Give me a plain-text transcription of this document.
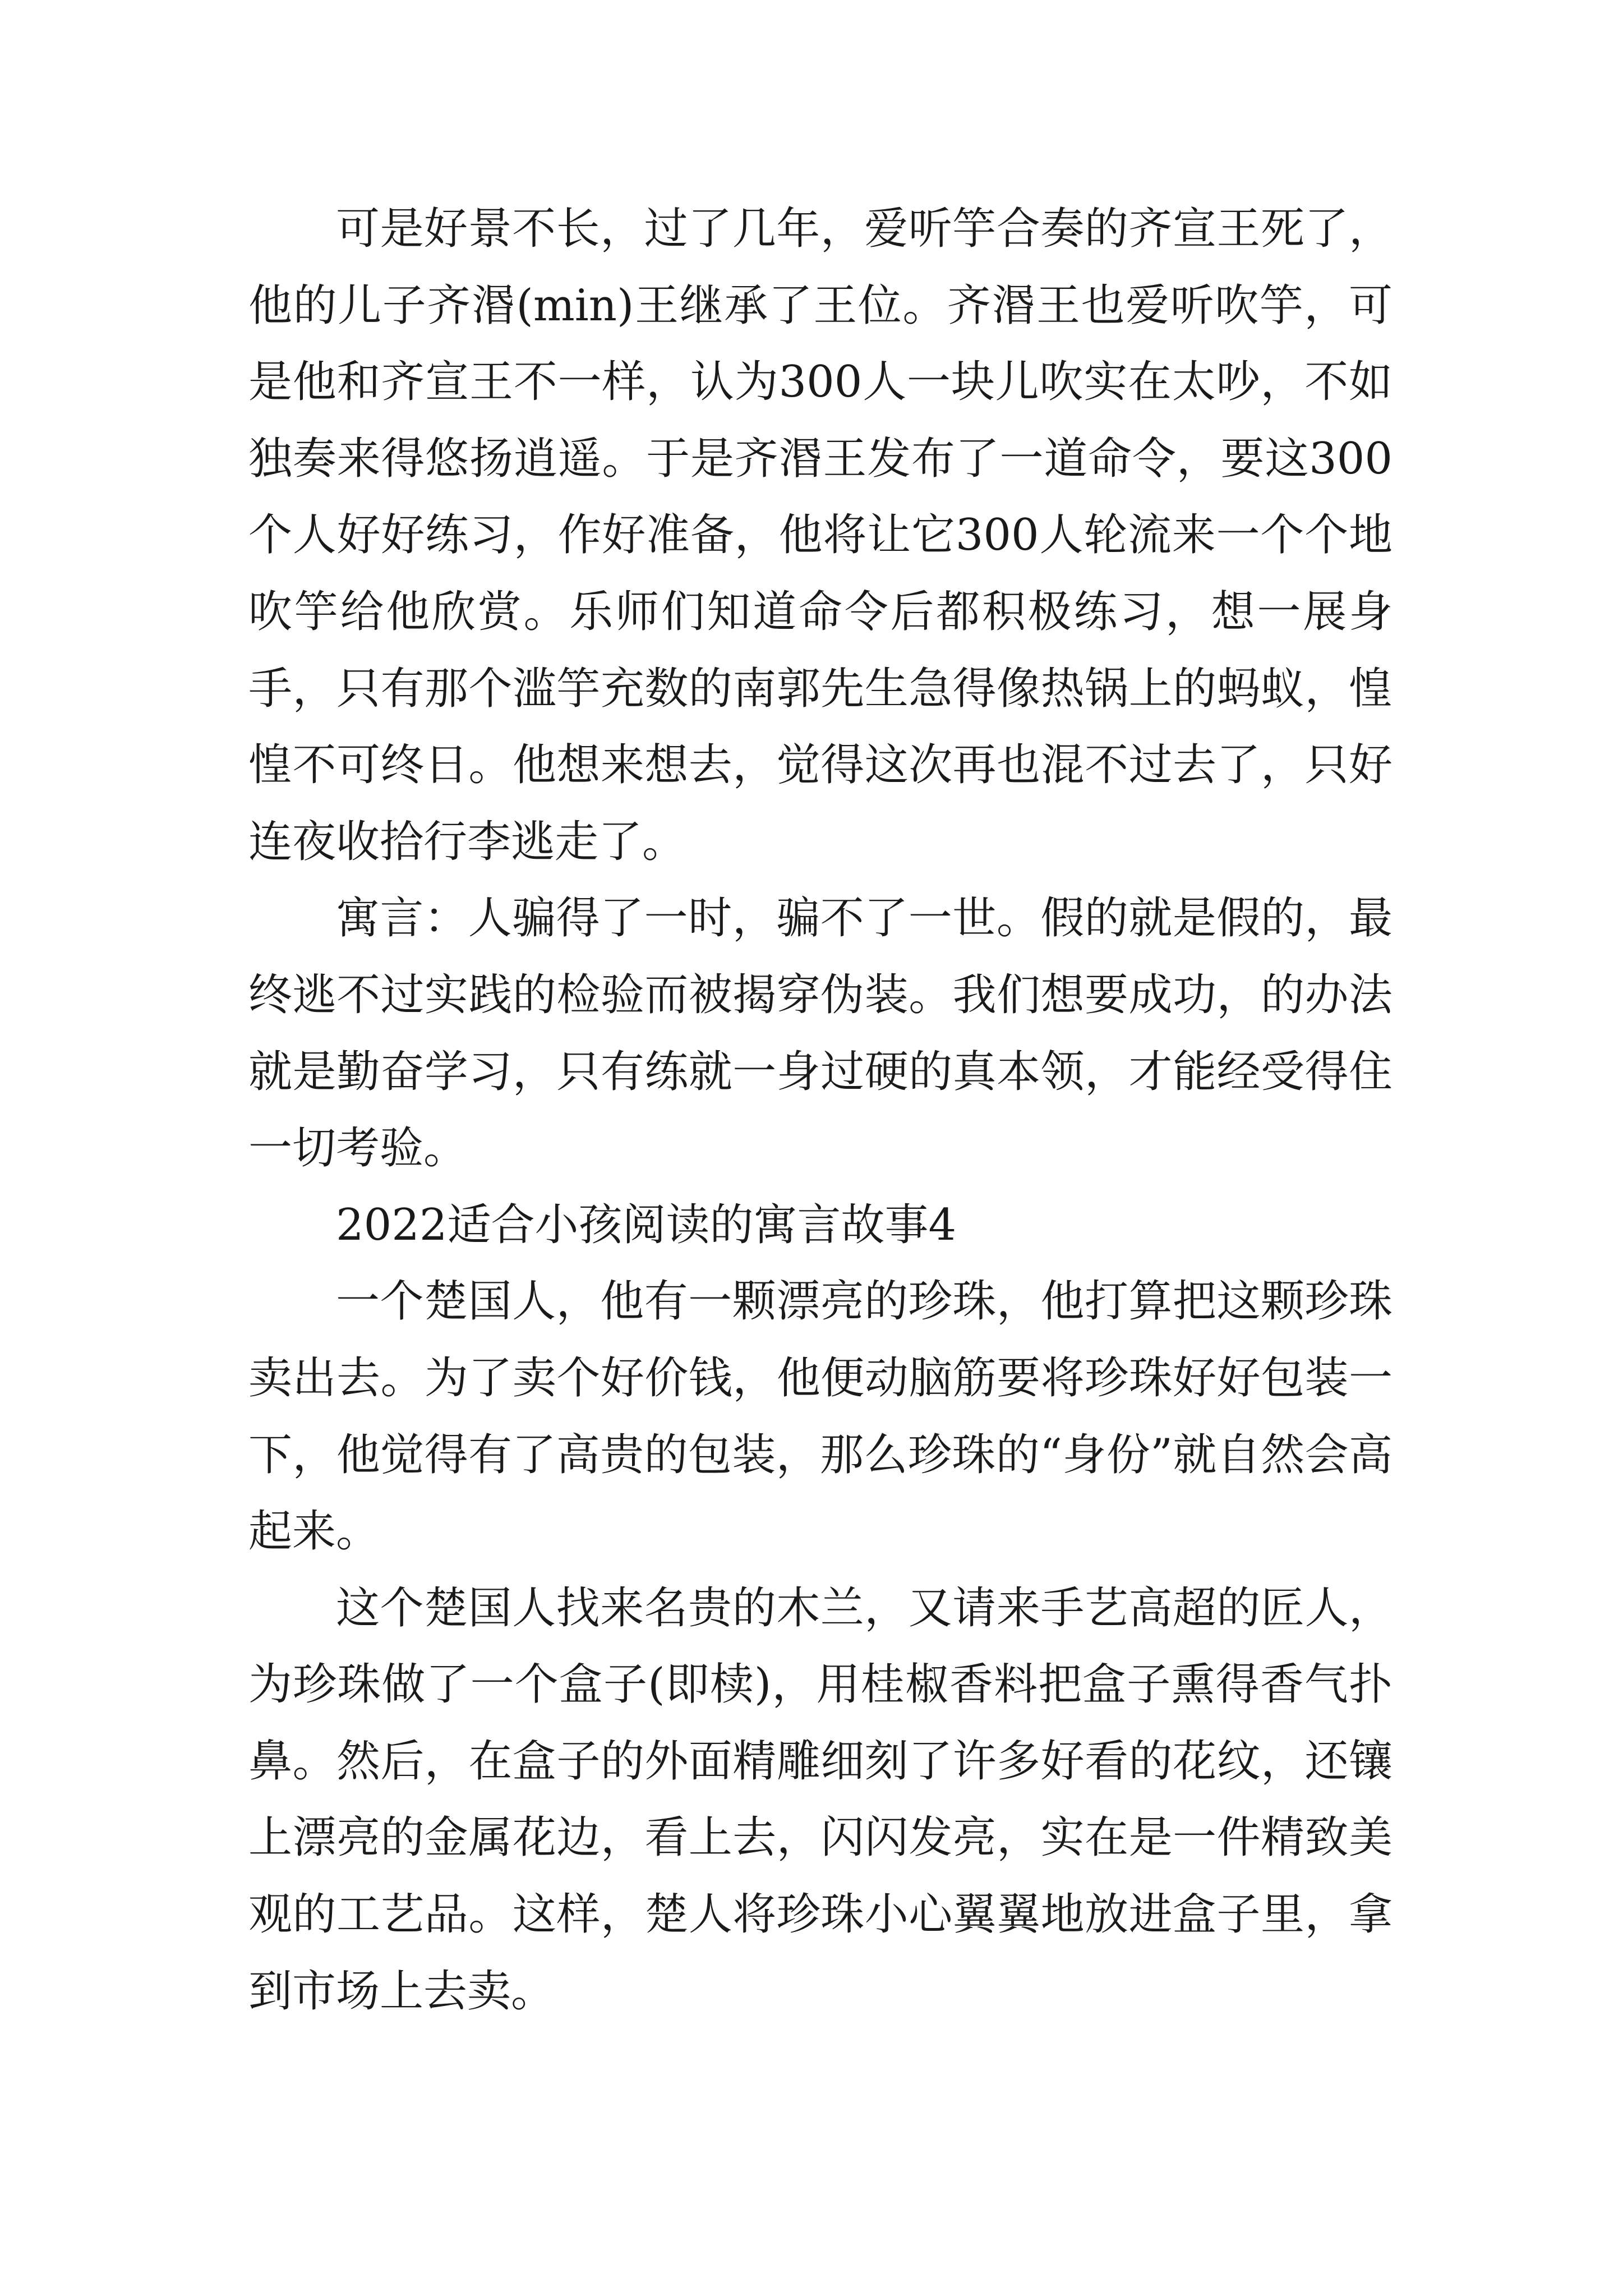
可是好景不长，过了几年，爱听竽合奏的齐宣王死了，他的儿子齐湣(min)王继承了王位。齐湣王也爱听吹竽，可是他和齐宣王不一样，认为300人一块儿吹实在太吵，不如独奏来得悠扬逍遥。于是齐湣王发布了一道命令，要这300个人好好练习，作好准备，他将让它300人轮流来一个个地吹竽给他欣赏。乐师们知道命令后都积极练习，想一展身手，只有那个滥竽充数的南郭先生急得像热锅上的蚂蚁，惶惶不可终日。他想来想去，觉得这次再也混不过去了，只好连夜收拾行李逃走了。

寓言：人骗得了一时，骗不了一世。假的就是假的，最终逃不过实践的检验而被揭穿伪装。我们想要成功，的办法就是勤奋学习，只有练就一身过硬的真本领，才能经受得住一切考验。

2022适合小孩阅读的寓言故事4

一个楚国人，他有一颗漂亮的珍珠，他打算把这颗珍珠卖出去。为了卖个好价钱，他便动脑筋要将珍珠好好包装一下，他觉得有了高贵的包装，那么珍珠的“身份”就自然会高起来。

这个楚国人找来名贵的木兰，又请来手艺高超的匠人，为珍珠做了一个盒子(即椟)，用桂椒香料把盒子熏得香气扑鼻。然后，在盒子的外面精雕细刻了许多好看的花纹，还镶上漂亮的金属花边，看上去，闪闪发亮，实在是一件精致美观的工艺品。这样，楚人将珍珠小心翼翼地放进盒子里，拿到市场上去卖。
